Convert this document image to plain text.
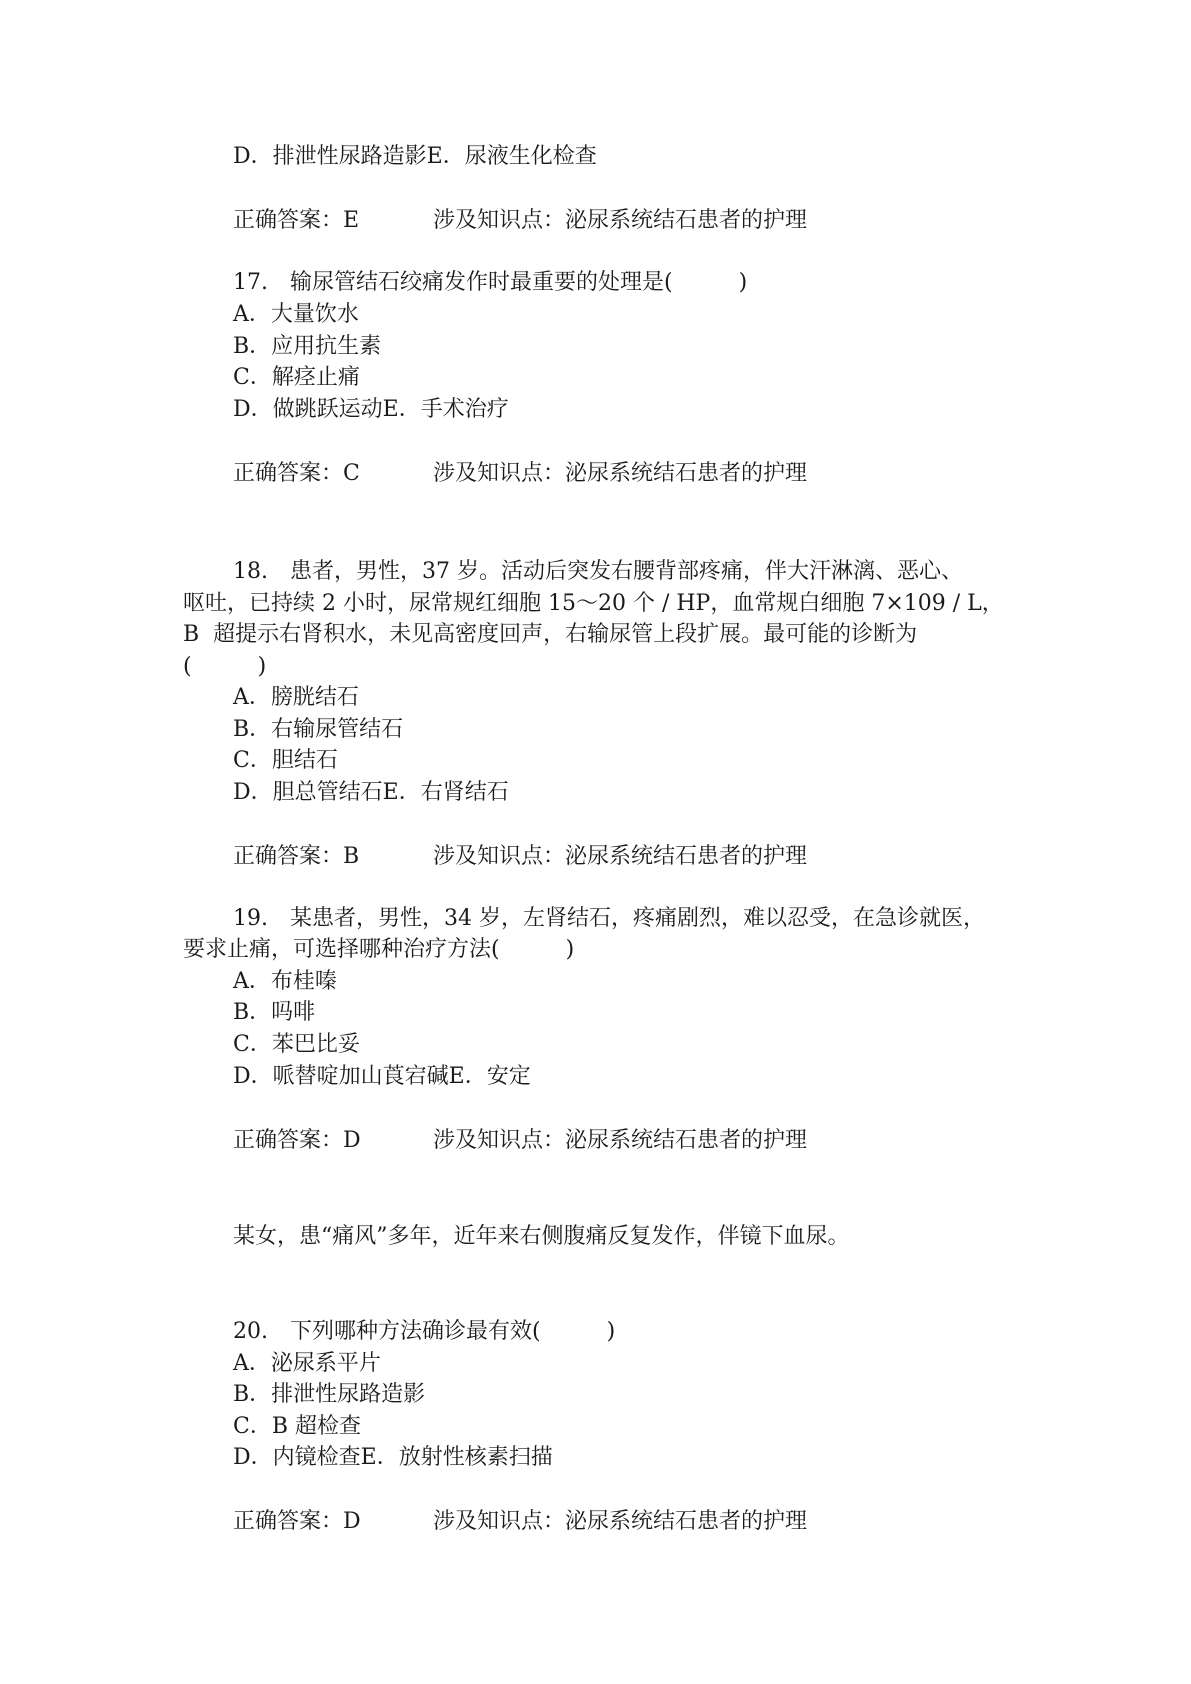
D．排泄性尿路造影E．尿液生化检查
正确答案：E	涉及知识点：泌尿系统结石患者的护理
17.　输尿管结石绞痛发作时最重要的处理是(　　　)
A．大量饮水
B．应用抗生素
C．解痉止痛
D．做跳跃运动E．手术治疗
正确答案：C	涉及知识点：泌尿系统结石患者的护理
18.　患者，男性，37 岁。活动后突发右腰背部疼痛，伴大汗淋漓、恶心、
呕吐，已持续 2 小时，尿常规红细胞 15～20 个 / HP，血常规白细胞 7×109 / L，
B  超提示右肾积水，未见高密度回声，右输尿管上段扩展。最可能的诊断为
(　　　)
A．膀胱结石
B．右输尿管结石
C．胆结石
D．胆总管结石E．右肾结石
正确答案：B	涉及知识点：泌尿系统结石患者的护理
19.　某患者，男性，34 岁，左肾结石，疼痛剧烈，难以忍受，在急诊就医，
要求止痛，可选择哪种治疗方法(　　　)
A．布桂嗪
B．吗啡
C．苯巴比妥
D．哌替啶加山莨宕碱E．安定
正确答案：D	涉及知识点：泌尿系统结石患者的护理
某女，患“痛风”多年，近年来右侧腹痛反复发作，伴镜下血尿。
20.　下列哪种方法确诊最有效(　　　)
A．泌尿系平片
B．排泄性尿路造影
C．B 超检查
D．内镜检查E．放射性核素扫描
正确答案：D	涉及知识点：泌尿系统结石患者的护理
